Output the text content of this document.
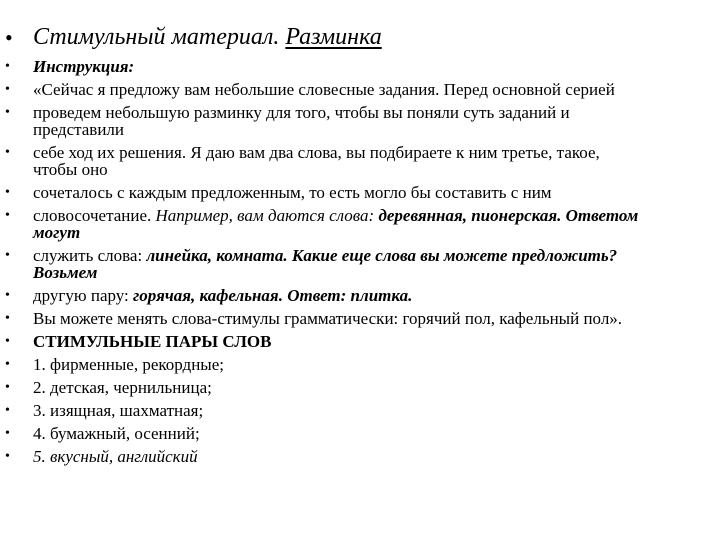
• Стимульный материал. Разминка
• Инструкция:
• «Сейчас я предложу вам небольшие словесные задания. Перед основной серией
• проведем небольшую разминку для того, чтобы вы поняли суть заданий и
представили
• себе ход их решения. Я даю вам два слова, вы подбираете к ним третье, такое,
чтобы оно
• сочеталось с каждым предложенным, то есть могло бы составить с ним
• словосочетание. Например, вам даются слова: деревянная, пионерская. Ответом
могут
• служить слова: линейка, комната. Какие еще слова вы можете предложить?
Возьмем
• другую пару: горячая, кафельная. Ответ: плитка.
• Вы можете менять слова-стимулы грамматически: горячий пол, кафельный пол».
• СТИМУЛЬНЫЕ ПАРЫ СЛОВ
• 1. фирменные, рекордные;
• 2. детская, чернильница;
• 3. изящная, шахматная;
• 4. бумажный, осенний;
• 5. вкусный, английский
